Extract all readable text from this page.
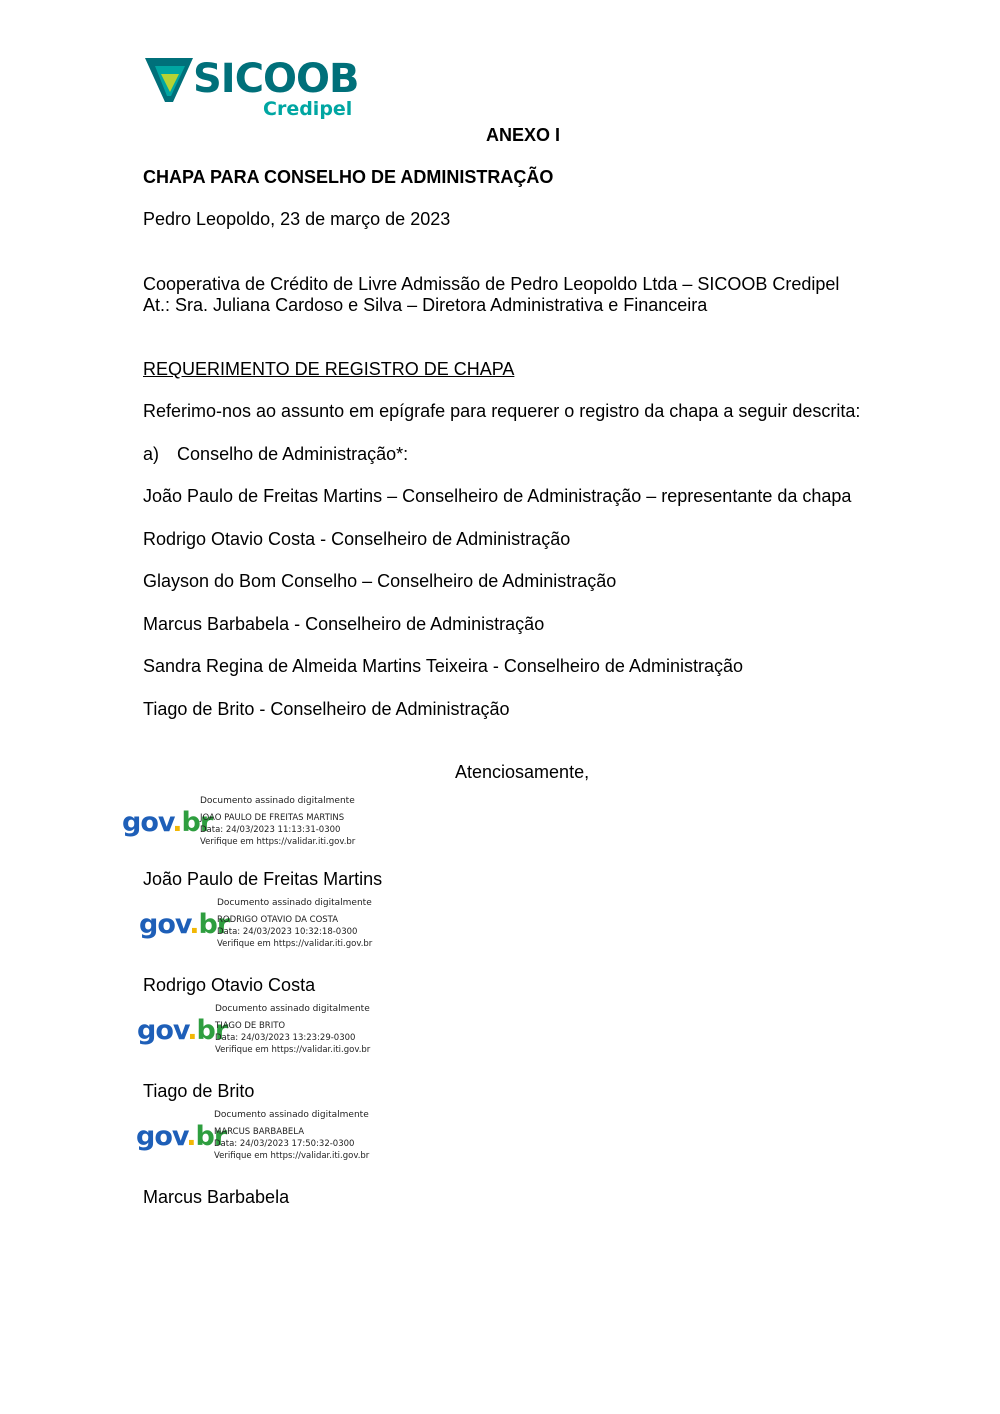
SICOOB
Credipel
ANEXO I
CHAPA PARA CONSELHO DE ADMINISTRAÇÃO
Pedro Leopoldo, 23 de março de 2023
Cooperativa de Crédito de Livre Admissão de Pedro Leopoldo Ltda – SICOOB Credipel
At.: Sra. Juliana Cardoso e Silva – Diretora Administrativa e Financeira
REQUERIMENTO DE REGISTRO DE CHAPA
Referimo-nos ao assunto em epígrafe para requerer o registro da chapa a seguir descrita:
a) Conselho de Administração*:
João Paulo de Freitas Martins – Conselheiro de Administração – representante da chapa
Rodrigo Otavio Costa - Conselheiro de Administração
Glayson do Bom Conselho – Conselheiro de Administração
Marcus Barbabela - Conselheiro de Administração
Sandra Regina de Almeida Martins Teixeira - Conselheiro de Administração
Tiago de Brito - Conselheiro de Administração
Atenciosamente,
gov.br
Documento assinado digitalmente
JOAO PAULO DE FREITAS MARTINS
Data: 24/03/2023 11:13:31-0300
Verifique em https://validar.iti.gov.br
João Paulo de Freitas Martins
gov.br
Documento assinado digitalmente
RODRIGO OTAVIO DA COSTA
Data: 24/03/2023 10:32:18-0300
Verifique em https://validar.iti.gov.br
Rodrigo Otavio Costa
gov.br
Documento assinado digitalmente
TIAGO DE BRITO
Data: 24/03/2023 13:23:29-0300
Verifique em https://validar.iti.gov.br
Tiago de Brito
gov.br
Documento assinado digitalmente
MARCUS BARBABELA
Data: 24/03/2023 17:50:32-0300
Verifique em https://validar.iti.gov.br
Marcus Barbabela
